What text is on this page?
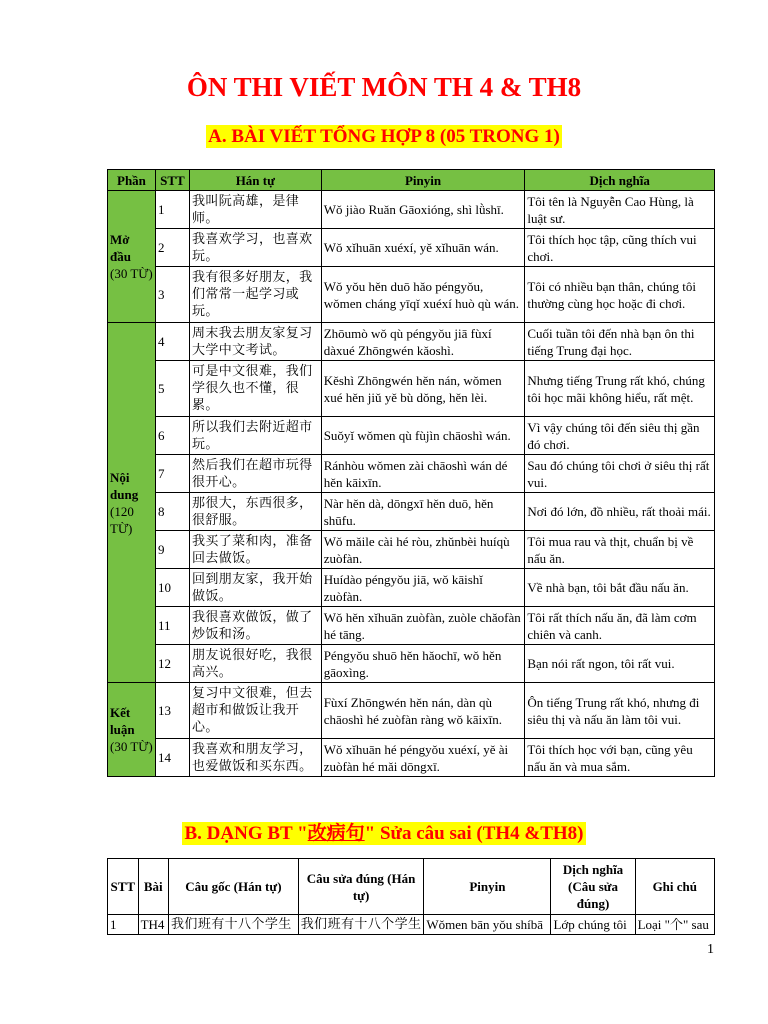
ÔN THI VIẾT MÔN TH 4 & TH8
A. BÀI VIẾT TỔNG HỢP 8 (05 TRONG 1)
Phần	STT	Hán tự	Pinyin	Dịch nghĩa

Mở đầu
(30 TỪ)	1	我叫阮高雄，是律师。	Wǒ jiào Ruǎn Gāoxióng, shì lǜshī.	Tôi tên là Nguyễn Cao Hùng, là luật sư.
	2	我喜欢学习，也喜欢玩。	Wǒ xǐhuān xuéxí, yě xǐhuān wán.	Tôi thích học tập, cũng thích vui chơi.
	3	我有很多好朋友，我们常常一起学习或玩。	Wǒ yǒu hěn duō hǎo péngyǒu, wǒmen cháng yīqǐ xuéxí huò qù wán.	Tôi có nhiều bạn thân, chúng tôi thường cùng học hoặc đi chơi.

Nội dung
(120 TỪ)	4	周末我去朋友家复习大学中文考试。	Zhōumò wǒ qù péngyǒu jiā fùxí dàxué Zhōngwén kǎoshì.	Cuối tuần tôi đến nhà bạn ôn thi tiếng Trung đại học.
	5	可是中文很难，我们学很久也不懂，很累。	Kěshì Zhōngwén hěn nán, wǒmen xué hěn jiǔ yě bù dǒng, hěn lèi.	Nhưng tiếng Trung rất khó, chúng tôi học mãi không hiểu, rất mệt.
	6	所以我们去附近超市玩。	Suǒyǐ wǒmen qù fùjìn chāoshì wán.	Vì vậy chúng tôi đến siêu thị gần đó chơi.
	7	然后我们在超市玩得很开心。	Ránhòu wǒmen zài chāoshì wán dé hěn kāixīn.	Sau đó chúng tôi chơi ở siêu thị rất vui.
	8	那很大，东西很多，很舒服。	Nàr hěn dà, dōngxī hěn duō, hěn shūfu.	Nơi đó lớn, đồ nhiều, rất thoải mái.
	9	我买了菜和肉，准备回去做饭。	Wǒ mǎile cài hé ròu, zhǔnbèi huíqù zuòfàn.	Tôi mua rau và thịt, chuẩn bị về nấu ăn.
	10	回到朋友家，我开始做饭。	Huídào péngyǒu jiā, wǒ kāishǐ zuòfàn.	Về nhà bạn, tôi bắt đầu nấu ăn.
	11	我很喜欢做饭，做了炒饭和汤。	Wǒ hěn xǐhuān zuòfàn, zuòle chǎofàn hé tāng.	Tôi rất thích nấu ăn, đã làm cơm chiên và canh.
	12	朋友说很好吃，我很高兴。	Péngyǒu shuō hěn hǎochī, wǒ hěn gāoxìng.	Bạn nói rất ngon, tôi rất vui.

Kết luận
(30 TỪ)	13	复习中文很难，但去超市和做饭让我开心。	Fùxí Zhōngwén hěn nán, dàn qù chāoshì hé zuòfàn ràng wǒ kāixīn.	Ôn tiếng Trung rất khó, nhưng đi siêu thị và nấu ăn làm tôi vui.
	14	我喜欢和朋友学习，也爱做饭和买东西。	Wǒ xǐhuān hé péngyǒu xuéxí, yě ài zuòfàn hé mǎi dōngxī.	Tôi thích học với bạn, cũng yêu nấu ăn và mua sắm.
B. DẠNG BT "改病句" Sửa câu sai (TH4 &TH8)
STT	Bài	Câu gốc (Hán tự)	Câu sửa đúng (Hán tự)	Pinyin	Dịch nghĩa (Câu sửa đúng)	Ghi chú
1	TH4	我们班有十八个学生	我们班有十八个学生	Wǒmen bān yǒu shíbā	Lớp chúng tôi	Loại "个" sau
1
